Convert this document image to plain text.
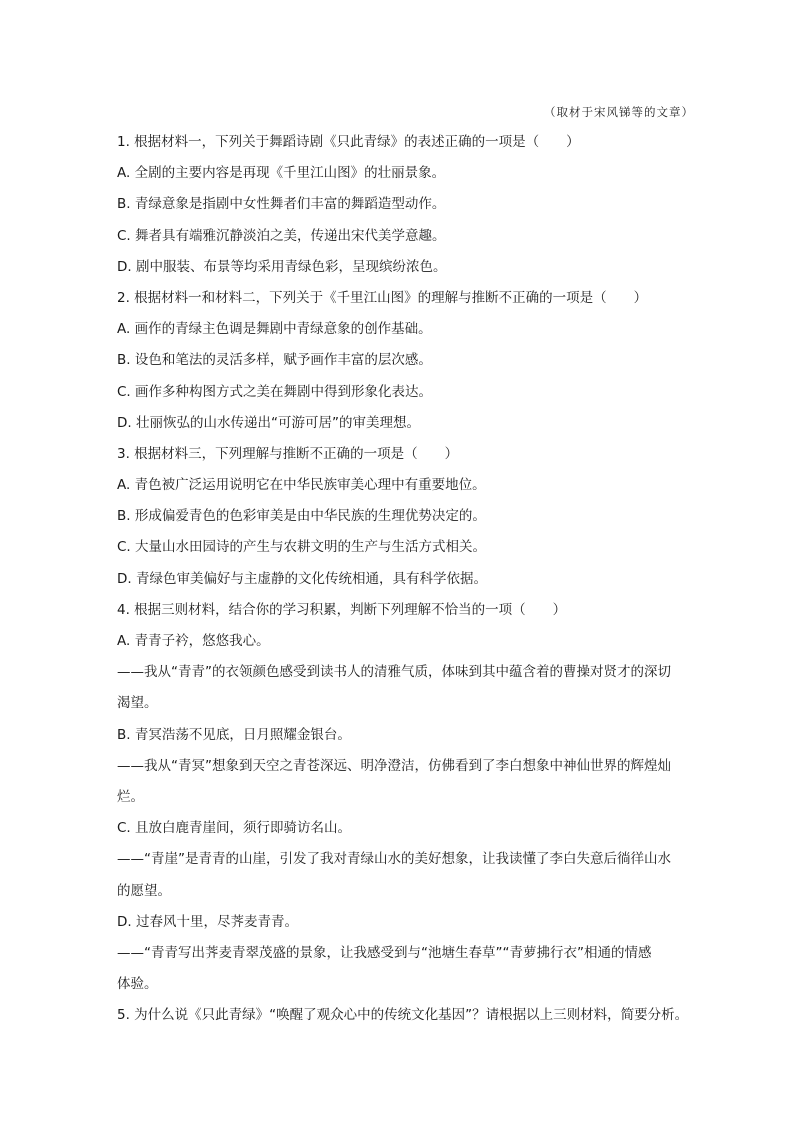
（取材于宋风锑等的文章）
1. 根据材料一，下列关于舞蹈诗剧《只此青绿》的表述正确的一项是（　　）
A. 全剧的主要内容是再现《千里江山图》的壮丽景象。
B. 青绿意象是指剧中女性舞者们丰富的舞蹈造型动作。
C. 舞者具有端雅沉静淡泊之美，传递出宋代美学意趣。
D. 剧中服装、布景等均采用青绿色彩，呈现缤纷浓色。
2. 根据材料一和材料二，下列关于《千里江山图》的理解与推断不正确的一项是（　　）
A. 画作的青绿主色调是舞剧中青绿意象的创作基础。
B. 设色和笔法的灵活多样，赋予画作丰富的层次感。
C. 画作多种构图方式之美在舞剧中得到形象化表达。
D. 壮丽恢弘的山水传递出“可游可居”的审美理想。
3. 根据材料三，下列理解与推断不正确的一项是（　　）
A. 青色被广泛运用说明它在中华民族审美心理中有重要地位。
B. 形成偏爱青色的色彩审美是由中华民族的生理优势决定的。
C. 大量山水田园诗的产生与农耕文明的生产与生活方式相关。
D. 青绿色审美偏好与主虚静的文化传统相通，具有科学依据。
4. 根据三则材料，结合你的学习积累，判断下列理解不恰当的一项（　　）
A. 青青子衿，悠悠我心。
——我从“青青”的衣领颜色感受到读书人的清雅气质，体味到其中蕴含着的曹操对贤才的深切
渴望。
B. 青冥浩荡不见底，日月照耀金银台。
——我从“青冥”想象到天空之青苍深远、明净澄洁，仿佛看到了李白想象中神仙世界的辉煌灿
烂。
C. 且放白鹿青崖间，须行即骑访名山。
——“青崖”是青青的山崖，引发了我对青绿山水的美好想象，让我读懂了李白失意后徜徉山水
的愿望。
D. 过春风十里，尽荠麦青青。
——“青青写出荠麦青翠茂盛的景象，让我感受到与“池塘生春草”“青萝拂行衣”相通的情感
体验。
5. 为什么说《只此青绿》“唤醒了观众心中的传统文化基因”？请根据以上三则材料，简要分析。
